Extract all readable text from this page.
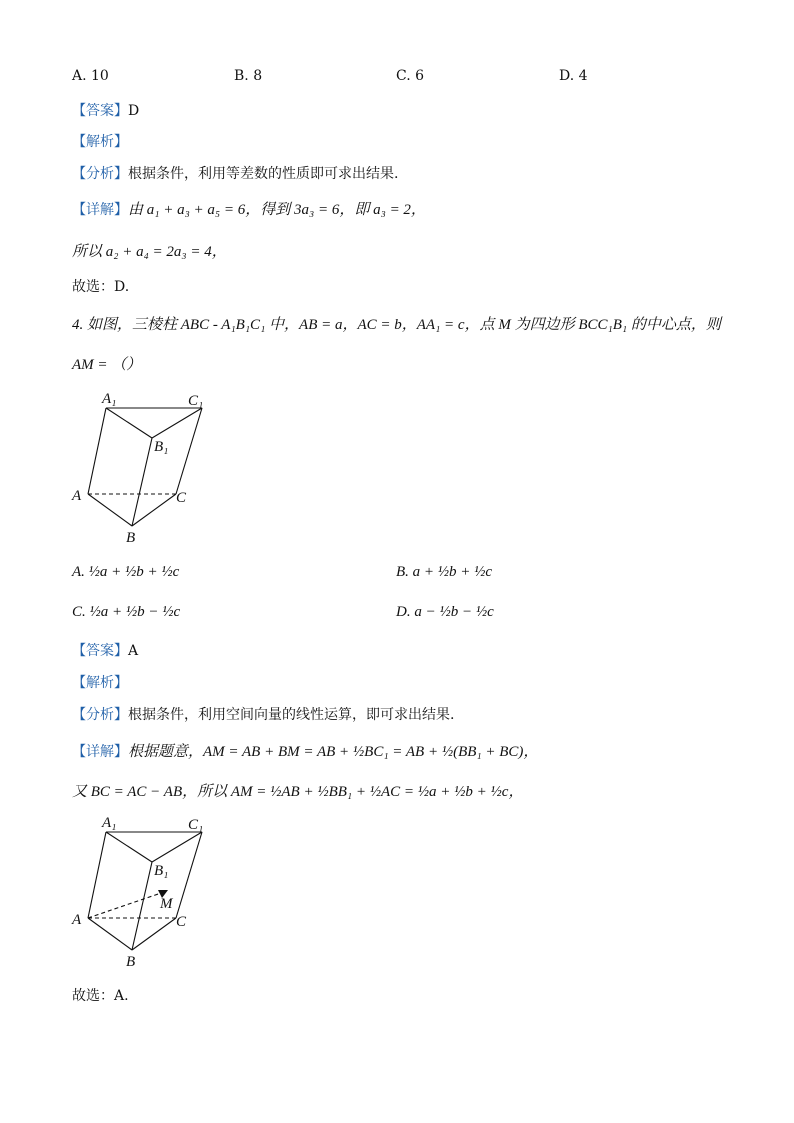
A. 10	B. 8	C. 6	D. 4
【答案】D
【解析】
【分析】根据条件，利用等差数的性质即可求出结果.
【详解】由 a₁ + a₃ + a₅ = 6，得到 3a₃ = 6，即 a₃ = 2，
所以 a₂ + a₄ = 2a₃ = 4，
故选：D.
4. 如图，三棱柱 ABC - A₁B₁C₁ 中，AB = a，AC = b，AA₁ = c，点 M 为四边形 BCC₁B₁ 的中心点，则
AM = （）
A₁	C₁
B₁
A	C
B
A. ½a + ½b + ½c	B. a + ½b + ½c
C. ½a + ½b − ½c	D. a − ½b − ½c
【答案】A
【解析】
【分析】根据条件，利用空间向量的线性运算，即可求出结果.
【详解】根据题意，AM = AB + BM = AB + ½BC₁ = AB + ½(BB₁ + BC)，
又 BC = AC − AB，所以 AM = ½AB + ½BB₁ + ½AC = ½a + ½b + ½c，
A₁	C₁
B₁
M
A	C
B
故选：A.
